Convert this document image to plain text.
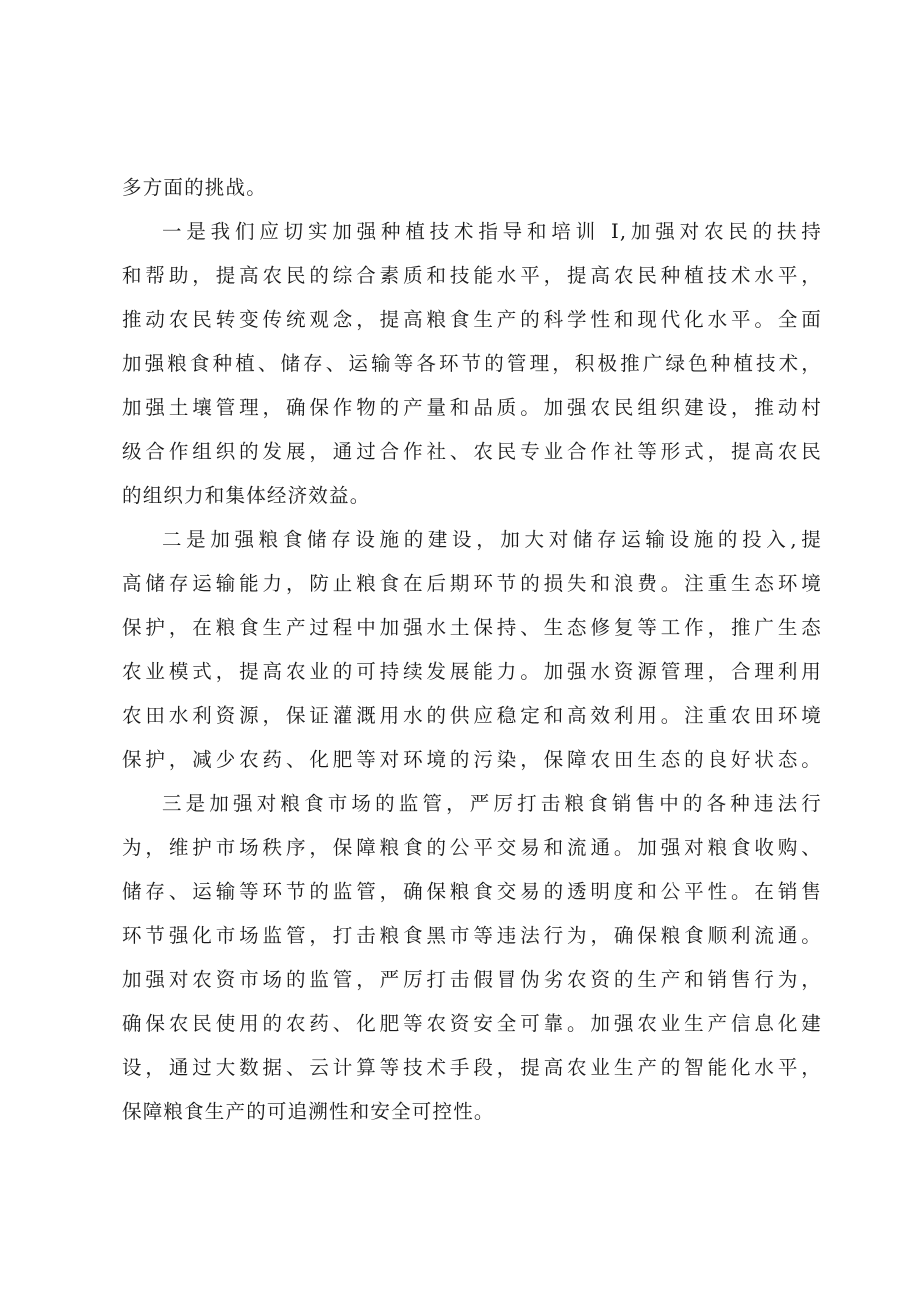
多方面的挑战。
一是我们应切实加强种植技术指导和培训 I,加强对农民的扶持
和帮助，提高农民的综合素质和技能水平，提高农民种植技术水平，
推动农民转变传统观念，提高粮食生产的科学性和现代化水平。全面
加强粮食种植、储存、运输等各环节的管理，积极推广绿色种植技术，
加强土壤管理，确保作物的产量和品质。加强农民组织建设，推动村
级合作组织的发展，通过合作社、农民专业合作社等形式，提高农民
的组织力和集体经济效益。
二是加强粮食储存设施的建设，加大对储存运输设施的投入,提
高储存运输能力，防止粮食在后期环节的损失和浪费。注重生态环境
保护，在粮食生产过程中加强水土保持、生态修复等工作，推广生态
农业模式，提高农业的可持续发展能力。加强水资源管理，合理利用
农田水利资源，保证灌溉用水的供应稳定和高效利用。注重农田环境
保护，减少农药、化肥等对环境的污染，保障农田生态的良好状态。
三是加强对粮食市场的监管，严厉打击粮食销售中的各种违法行
为，维护市场秩序，保障粮食的公平交易和流通。加强对粮食收购、
储存、运输等环节的监管，确保粮食交易的透明度和公平性。在销售
环节强化市场监管，打击粮食黑市等违法行为，确保粮食顺利流通。
加强对农资市场的监管，严厉打击假冒伪劣农资的生产和销售行为，
确保农民使用的农药、化肥等农资安全可靠。加强农业生产信息化建
设，通过大数据、云计算等技术手段，提高农业生产的智能化水平，
保障粮食生产的可追溯性和安全可控性。
